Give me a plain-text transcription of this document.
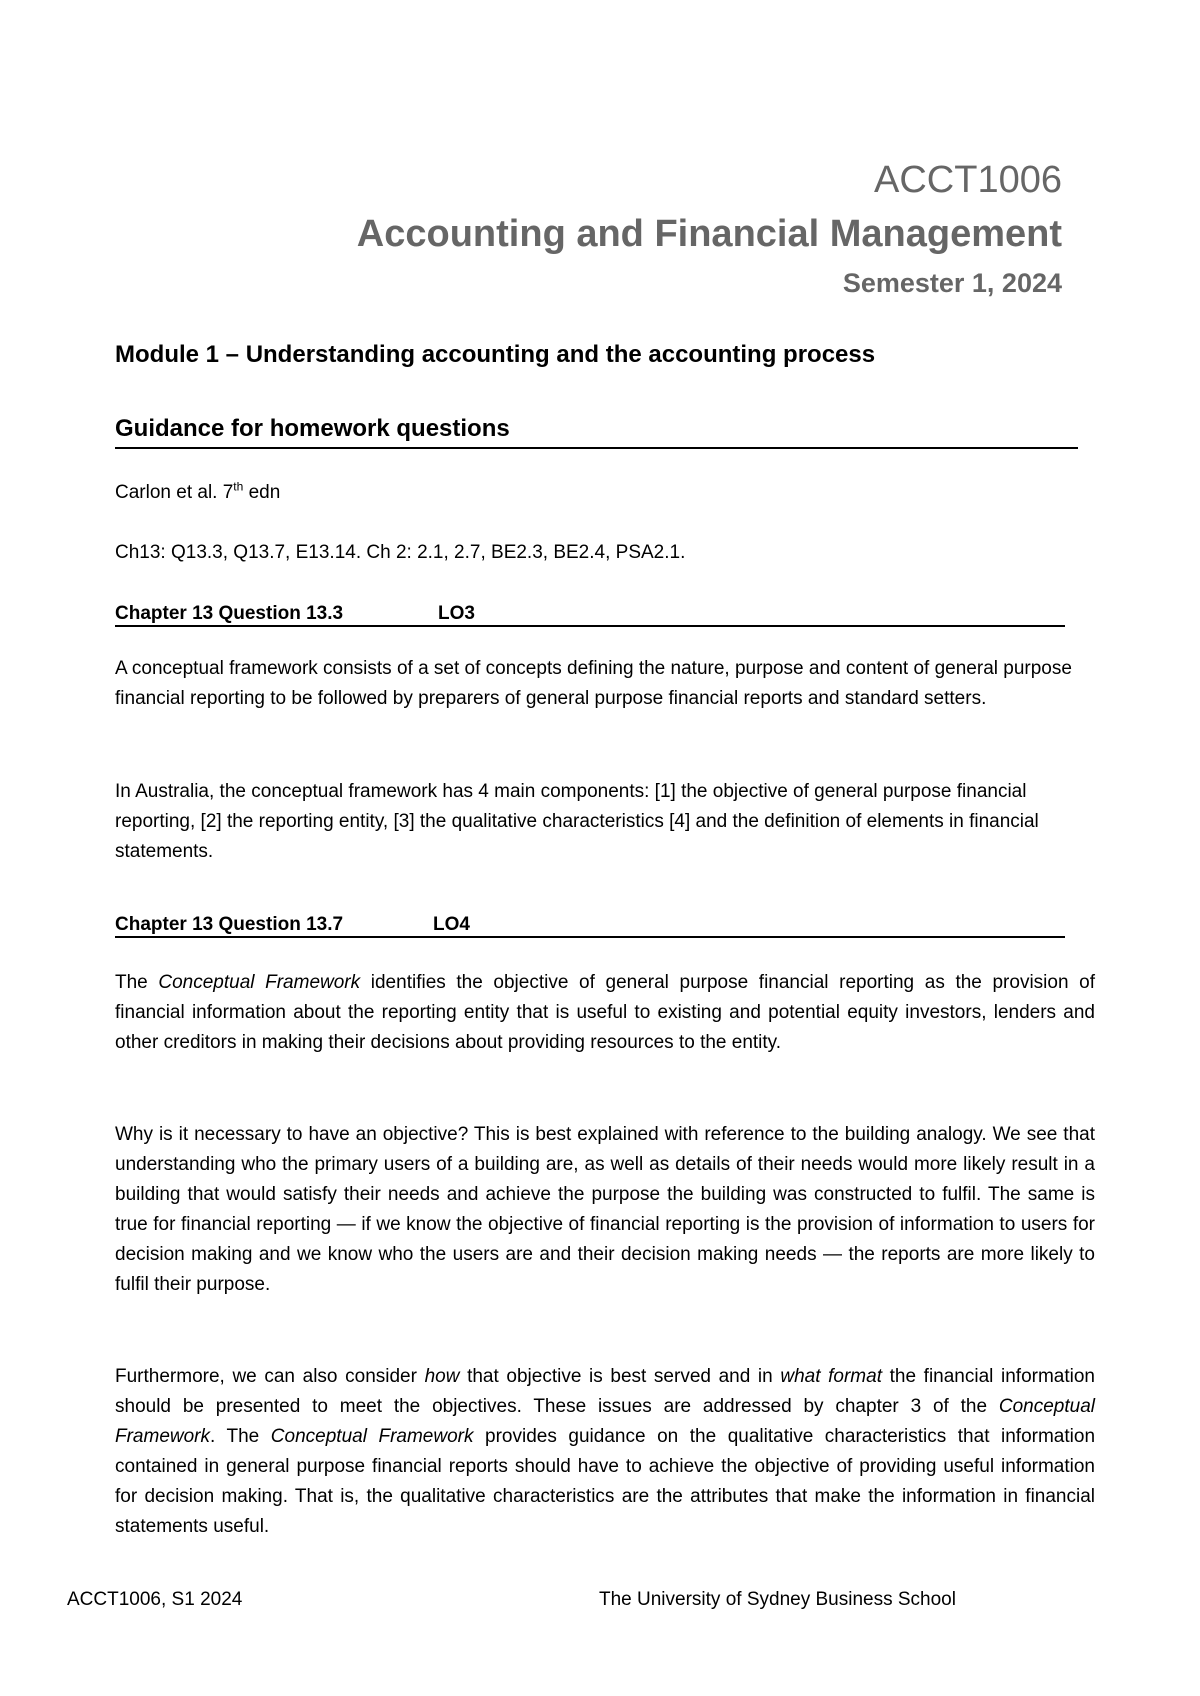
ACCT1006
Accounting and Financial Management
Semester 1, 2024
Module 1 – Understanding accounting and the accounting process
Guidance for homework questions
Carlon et al. 7th edn
Ch13: Q13.3, Q13.7, E13.14. Ch 2: 2.1, 2.7, BE2.3, BE2.4, PSA2.1.
Chapter 13 Question 13.3	LO3

A conceptual framework consists of a set of concepts defining the nature, purpose and content of general purpose financial reporting to be followed by preparers of general purpose financial reports and standard setters.

In Australia, the conceptual framework has 4 main components: [1] the objective of general purpose financial reporting, [2] the reporting entity, [3] the qualitative characteristics [4] and the definition of elements in financial statements.

Chapter 13 Question 13.7	LO4

The Conceptual Framework identifies the objective of general purpose financial reporting as the provision of financial information about the reporting entity that is useful to existing and potential equity investors, lenders and other creditors in making their decisions about providing resources to the entity.

Why is it necessary to have an objective? This is best explained with reference to the building analogy. We see that understanding who the primary users of a building are, as well as details of their needs would more likely result in a building that would satisfy their needs and achieve the purpose the building was constructed to fulfil. The same is true for financial reporting — if we know the objective of financial reporting is the provision of information to users for decision making and we know who the users are and their decision making needs — the reports are more likely to fulfil their purpose.

Furthermore, we can also consider how that objective is best served and in what format the financial information should be presented to meet the objectives. These issues are addressed by chapter 3 of the Conceptual Framework. The Conceptual Framework provides guidance on the qualitative characteristics that information contained in general purpose financial reports should have to achieve the objective of providing useful information for decision making. That is, the qualitative characteristics are the attributes that make the information in financial statements useful.

ACCT1006, S1 2024	The University of Sydney Business School
